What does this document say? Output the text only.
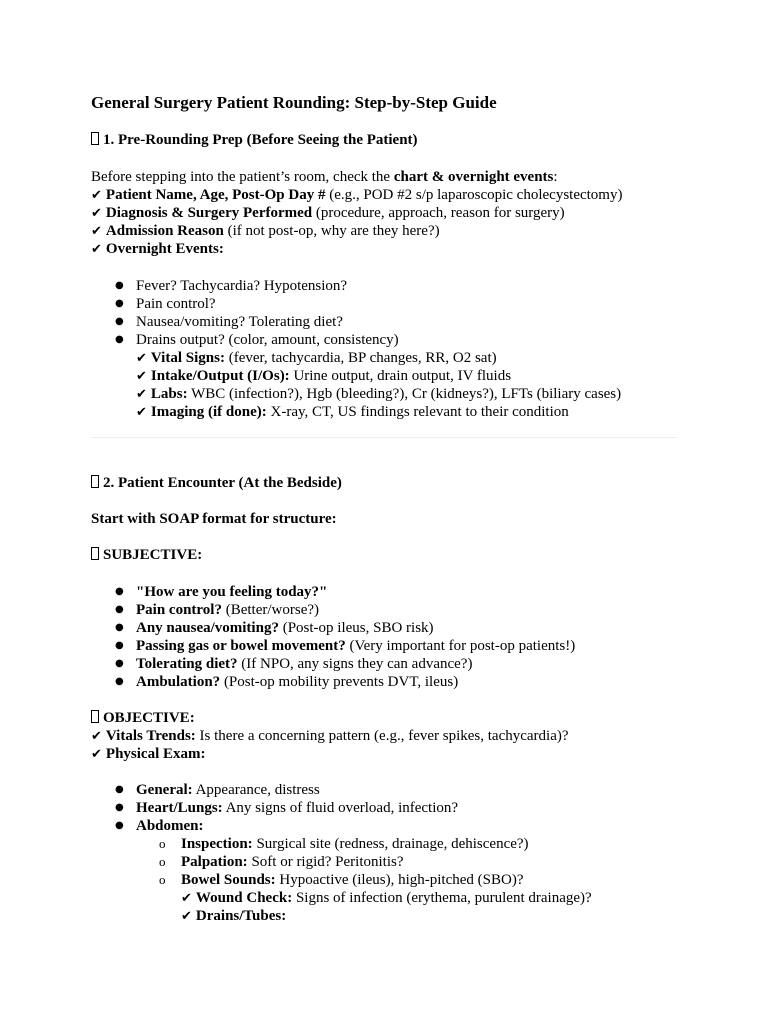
General Surgery Patient Rounding: Step-by-Step Guide
1. Pre-Rounding Prep (Before Seeing the Patient)
Before stepping into the patient’s room, check the chart & overnight events:
✔ Patient Name, Age, Post-Op Day # (e.g., POD #2 s/p laparoscopic cholecystectomy)
✔ Diagnosis & Surgery Performed (procedure, approach, reason for surgery)
✔ Admission Reason (if not post-op, why are they here?)
✔ Overnight Events:
● Fever? Tachycardia? Hypotension?
● Pain control?
● Nausea/vomiting? Tolerating diet?
● Drains output? (color, amount, consistency)
✔ Vital Signs: (fever, tachycardia, BP changes, RR, O2 sat)
✔ Intake/Output (I/Os): Urine output, drain output, IV fluids
✔ Labs: WBC (infection?), Hgb (bleeding?), Cr (kidneys?), LFTs (biliary cases)
✔ Imaging (if done): X-ray, CT, US findings relevant to their condition
2. Patient Encounter (At the Bedside)
Start with SOAP format for structure:
SUBJECTIVE:
● "How are you feeling today?"
● Pain control? (Better/worse?)
● Any nausea/vomiting? (Post-op ileus, SBO risk)
● Passing gas or bowel movement? (Very important for post-op patients!)
● Tolerating diet? (If NPO, any signs they can advance?)
● Ambulation? (Post-op mobility prevents DVT, ileus)
OBJECTIVE:
✔ Vitals Trends: Is there a concerning pattern (e.g., fever spikes, tachycardia)?
✔ Physical Exam:
● General: Appearance, distress
● Heart/Lungs: Any signs of fluid overload, infection?
● Abdomen:
o Inspection: Surgical site (redness, drainage, dehiscence?)
o Palpation: Soft or rigid? Peritonitis?
o Bowel Sounds: Hypoactive (ileus), high-pitched (SBO)?
✔ Wound Check: Signs of infection (erythema, purulent drainage)?
✔ Drains/Tubes:
